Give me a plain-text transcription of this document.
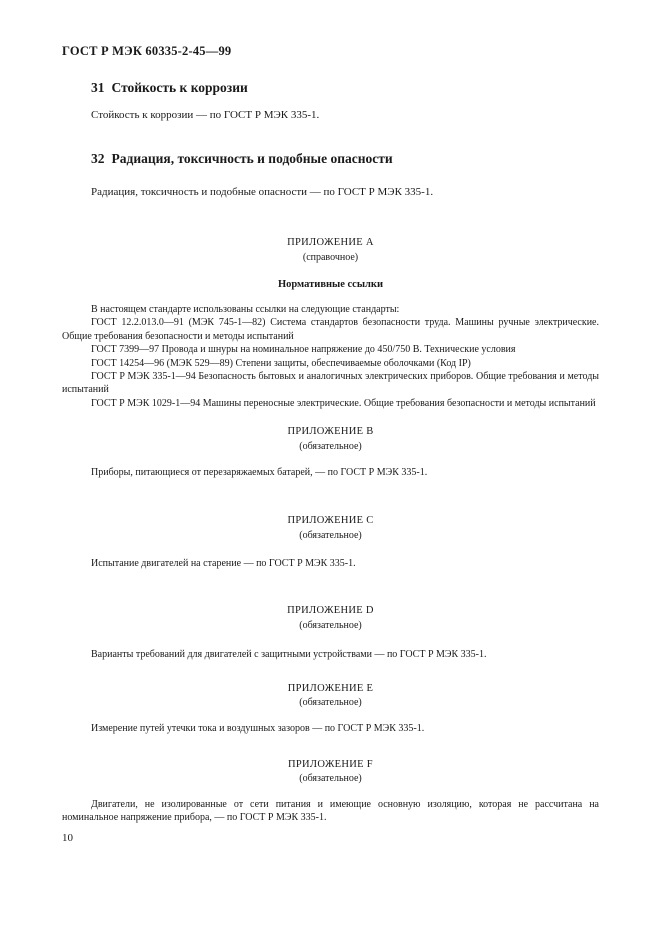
ГОСТ Р МЭК 60335-2-45—99
31 Стойкость к коррозии
Стойкость к коррозии — по ГОСТ Р МЭК 335-1.
32 Радиация, токсичность и подобные опасности
Радиация, токсичность и подобные опасности — по ГОСТ Р МЭК 335-1.
ПРИЛОЖЕНИЕ A
(справочное)
Нормативные ссылки

В настоящем стандарте использованы ссылки на следующие стандарты:

ГОСТ 12.2.013.0—91 (МЭК 745-1—82) Система стандартов безопасности труда. Машины ручные электрические. Общие требования безопасности и методы испытаний

ГОСТ 7399—97 Провода и шнуры на номинальное напряжение до 450/750 В. Технические условия

ГОСТ 14254—96 (МЭК 529—89) Степени защиты, обеспечиваемые оболочками (Код IP)

ГОСТ Р МЭК 335-1—94 Безопасность бытовых и аналогичных электрических приборов. Общие требования и методы испытаний

ГОСТ Р МЭК 1029-1—94 Машины переносные электрические. Общие требования безопасности и методы испытаний

ПРИЛОЖЕНИЕ B
(обязательное)
Приборы, питающиеся от перезаряжаемых батарей, — по ГОСТ Р МЭК 335-1.
ПРИЛОЖЕНИЕ C
(обязательное)
Испытание двигателей на старение — по ГОСТ Р МЭК 335-1.
ПРИЛОЖЕНИЕ D
(обязательное)
Варианты требований для двигателей с защитными устройствами — по ГОСТ Р МЭК 335-1.
ПРИЛОЖЕНИЕ E
(обязательное)
Измерение путей утечки тока и воздушных зазоров — по ГОСТ Р МЭК 335-1.
ПРИЛОЖЕНИЕ F
(обязательное)

Двигатели, не изолированные от сети питания и имеющие основную изоляцию, которая не рассчитана на номинальное напряжение прибора, — по ГОСТ Р МЭК 335-1.

10
